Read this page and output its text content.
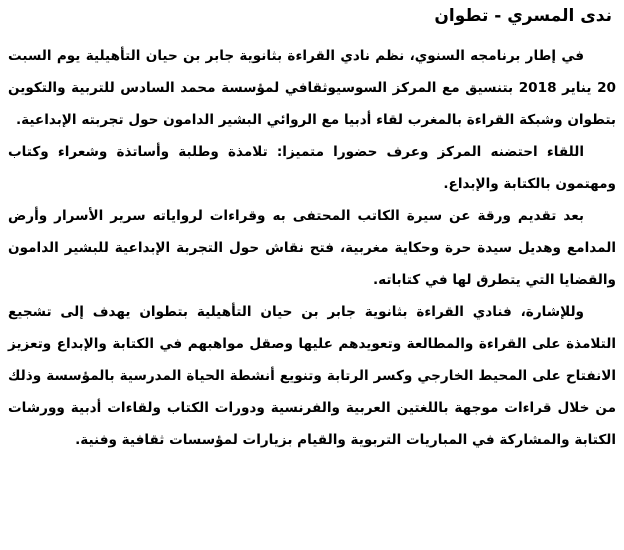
ندى المسري - تطوان

في إطار برنامجه السنوي، نظم نادي القراءة بثانوية جابر بن حيان التأهيلية يوم السبت 20 يناير 2018 بتنسيق مع المركز السوسيوثقافي لمؤسسة محمد السادس للتربية والتكوين بتطوان وشبكة القراءة بالمغرب لقاء أدبيا مع الروائي البشير الدامون حول تجربته الإبداعية.

اللقاء احتضنه المركز وعرف حضورا متميزا: تلامذة وطلبة وأساتذة وشعراء وكتاب ومهتمون بالكتابة والإبداع.

بعد تقديم ورقة عن سيرة الكاتب المحتفى به وقراءات لرواياته سرير الأسرار وأرض المدامع وهديل سيدة حرة وحكاية مغربية، فتح نقاش حول التجربة الإبداعية للبشير الدامون والقضايا التي يتطرق لها في كتاباته.

وللإشارة، فنادي القراءة بثانوية جابر بن حيان التأهيلية بتطوان يهدف إلى تشجيع التلامذة على القراءة والمطالعة وتعويدهم عليها وصقل مواهبهم في الكتابة والإبداع وتعزيز الانفتاح على المحيط الخارجي وكسر الرتابة وتنويع أنشطة الحياة المدرسية بالمؤسسة وذلك من خلال قراءات موجهة باللغتين العربية والفرنسية ودورات الكتاب ولقاءات أدبية وورشات الكتابة والمشاركة في المباريات التربوية والقيام بزيارات لمؤسسات ثقافية وفنية.
